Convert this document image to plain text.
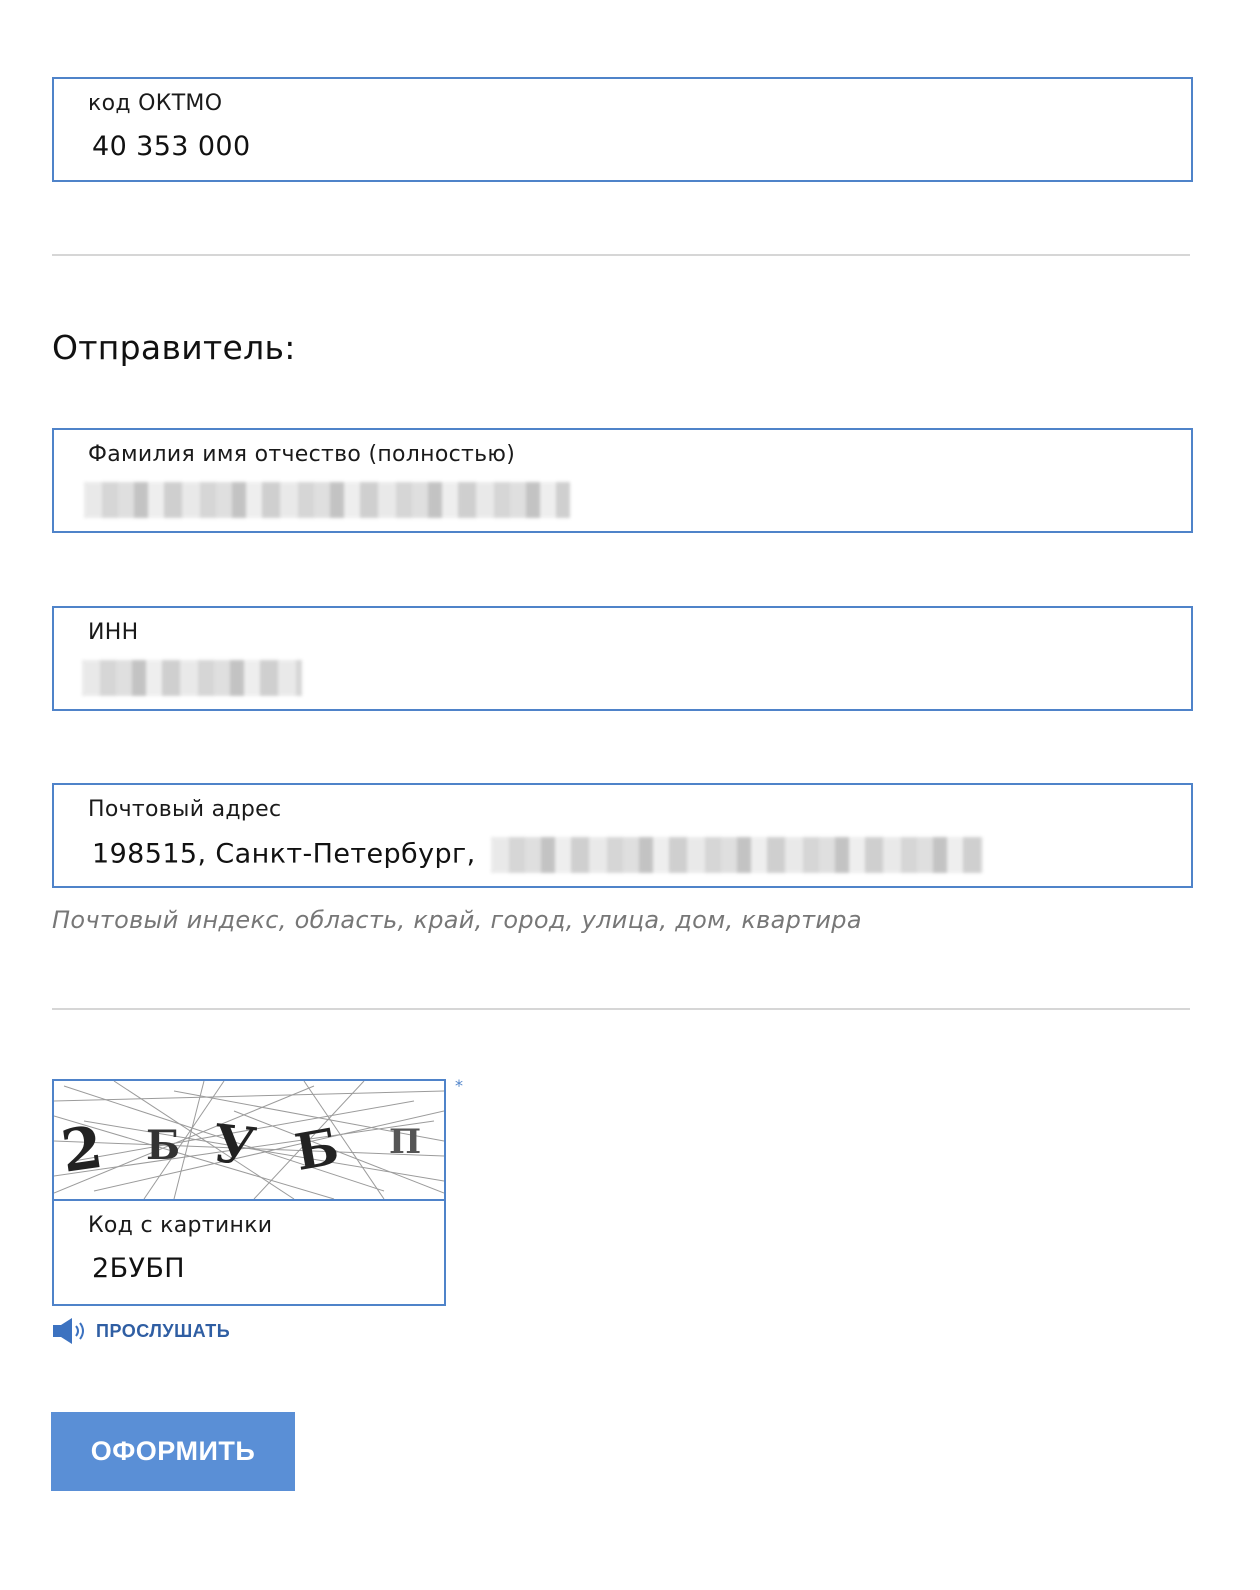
код ОКТМО
40 353 000
Отправитель:
Фамилия имя отчество (полностью)
ИНН
Почтовый адрес
198515, Санкт-Петербург,
Почтовый индекс, область, край, город, улица, дом, квартира
2 Б У Б П
Код с картинки
2БУБП
*
ПРОСЛУШАТЬ
ОФОРМИТЬ
